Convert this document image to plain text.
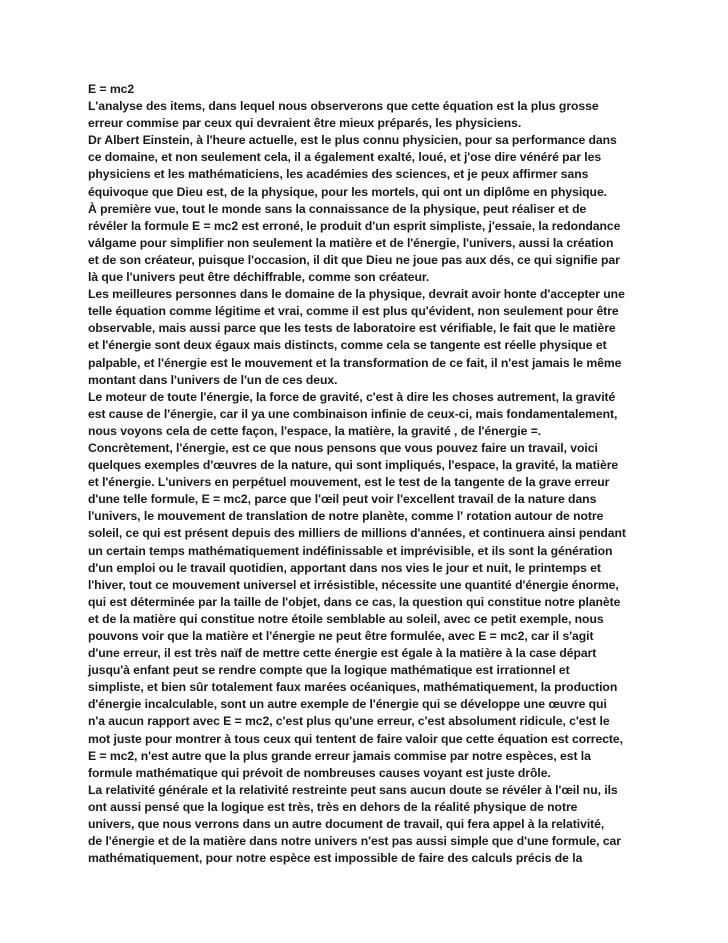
E = mc2
L'analyse des items, dans lequel nous observerons que cette équation est la plus grosse
erreur commise par ceux qui devraient être mieux préparés, les physiciens.
Dr Albert Einstein, à l'heure actuelle, est le plus connu physicien, pour sa performance dans
ce domaine, et non seulement cela, il a également exalté, loué, et j'ose dire vénéré par les
physiciens et les mathématiciens, les académies des sciences, et je peux affirmer sans
équivoque que Dieu est, de la physique, pour les mortels, qui ont un diplôme en physique.
À première vue, tout le monde sans la connaissance de la physique, peut réaliser et de
révéler la formule E = mc2 est erroné, le produit d'un esprit simpliste, j'essaie, la redondance
válgame pour simplifier non seulement la matière et de l'énergie, l'univers, aussi la création
et de son créateur, puisque l'occasion, il dit que Dieu ne joue pas aux dés, ce qui signifie par
là que l'univers peut être déchiffrable, comme son créateur.
Les meilleures personnes dans le domaine de la physique, devrait avoir honte d'accepter une
telle équation comme légitime et vrai, comme il est plus qu'évident, non seulement pour être
observable, mais aussi parce que les tests de laboratoire est vérifiable, le fait que le matière
et l'énergie sont deux égaux mais distincts, comme cela se tangente est réelle physique et
palpable, et l'énergie est le mouvement et la transformation de ce fait, il n'est jamais le même
montant dans l'univers de l'un de ces deux.
Le moteur de toute l'énergie, la force de gravité, c'est à dire les choses autrement, la gravité
est cause de l'énergie, car il ya une combinaison infinie de ceux-ci, mais fondamentalement,
nous voyons cela de cette façon, l'espace, la matière, la gravité , de l'énergie =.
Concrètement, l'énergie, est ce que nous pensons que vous pouvez faire un travail, voici
quelques exemples d'œuvres de la nature, qui sont impliqués, l'espace, la gravité, la matière
et l'énergie. L'univers en perpétuel mouvement, est le test de la tangente de la grave erreur
d'une telle formule, E = mc2, parce que l'œil peut voir l'excellent travail de la nature dans
l'univers, le mouvement de translation de notre planète, comme l' rotation autour de notre
soleil, ce qui est présent depuis des milliers de millions d'années, et continuera ainsi pendant
un certain temps mathématiquement indéfinissable et imprévisible, et ils sont la génération
d'un emploi ou le travail quotidien, apportant dans nos vies le jour et nuit, le printemps et
l'hiver, tout ce mouvement universel et irrésistible, nécessite une quantité d'énergie énorme,
qui est déterminée par la taille de l'objet, dans ce cas, la question qui constitue notre planète
et de la matière qui constitue notre étoile semblable au soleil, avec ce petit exemple, nous
pouvons voir que la matière et l'énergie ne peut être formulée, avec E = mc2, car il s'agit
d'une erreur, il est très naïf de mettre cette énergie est égale à la matière à la case départ
jusqu'à enfant peut se rendre compte que la logique mathématique est irrationnel et
simpliste, et bien sûr totalement faux marées océaniques, mathématiquement, la production
d'énergie incalculable, sont un autre exemple de l'énergie qui se développe une œuvre qui
n'a aucun rapport avec E = mc2, c'est plus qu'une erreur, c'est absolument ridicule, c'est le
mot juste pour montrer à tous ceux qui tentent de faire valoir que cette équation est correcte,
E = mc2, n'est autre que la plus grande erreur jamais commise par notre espèces, est la
formule mathématique qui prévoit de nombreuses causes voyant est juste drôle.
La relativité générale et la relativité restreinte peut sans aucun doute se révéler à l'œil nu, ils
ont aussi pensé que la logique est très, très en dehors de la réalité physique de notre
univers, que nous verrons dans un autre document de travail, qui fera appel à la relativité,
de l'énergie et de la matière dans notre univers n'est pas aussi simple que d'une formule, car
mathématiquement, pour notre espèce est impossible de faire des calculs précis de la
